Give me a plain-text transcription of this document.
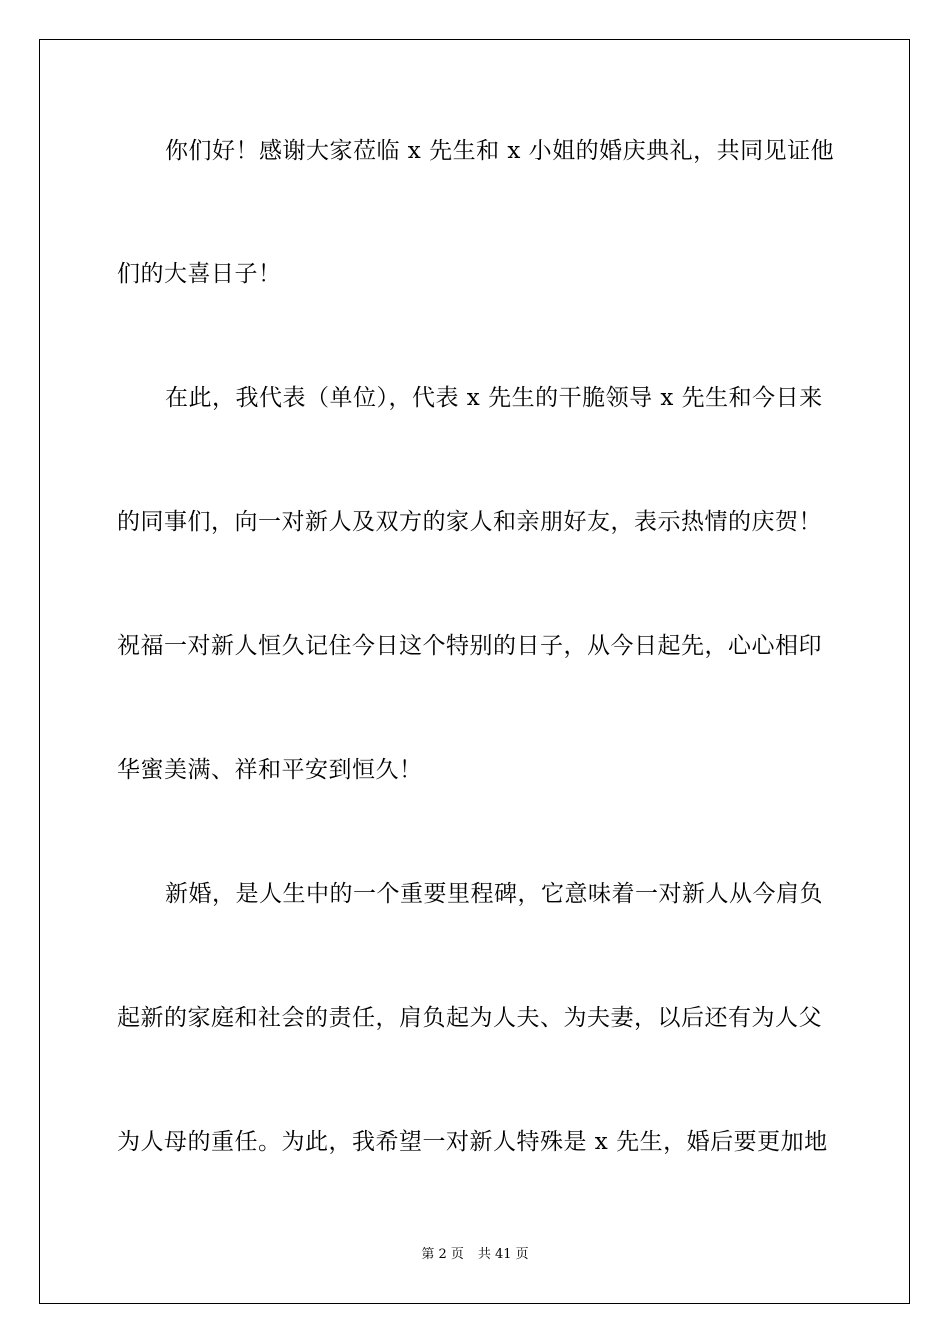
你们好！感谢大家莅临 x 先生和 x 小姐的婚庆典礼，共同见证他
们的大喜日子！
在此，我代表（单位），代表 x 先生的干脆领导 x 先生和今日来
的同事们，向一对新人及双方的家人和亲朋好友，表示热情的庆贺！
祝福一对新人恒久记住今日这个特别的日子，从今日起先，心心相印
华蜜美满、祥和平安到恒久！
新婚，是人生中的一个重要里程碑，它意味着一对新人从今肩负
起新的家庭和社会的责任，肩负起为人夫、为夫妻，以后还有为人父
为人母的重任。为此，我希望一对新人特殊是 x 先生，婚后要更加地
第 2 页 共 41 页
